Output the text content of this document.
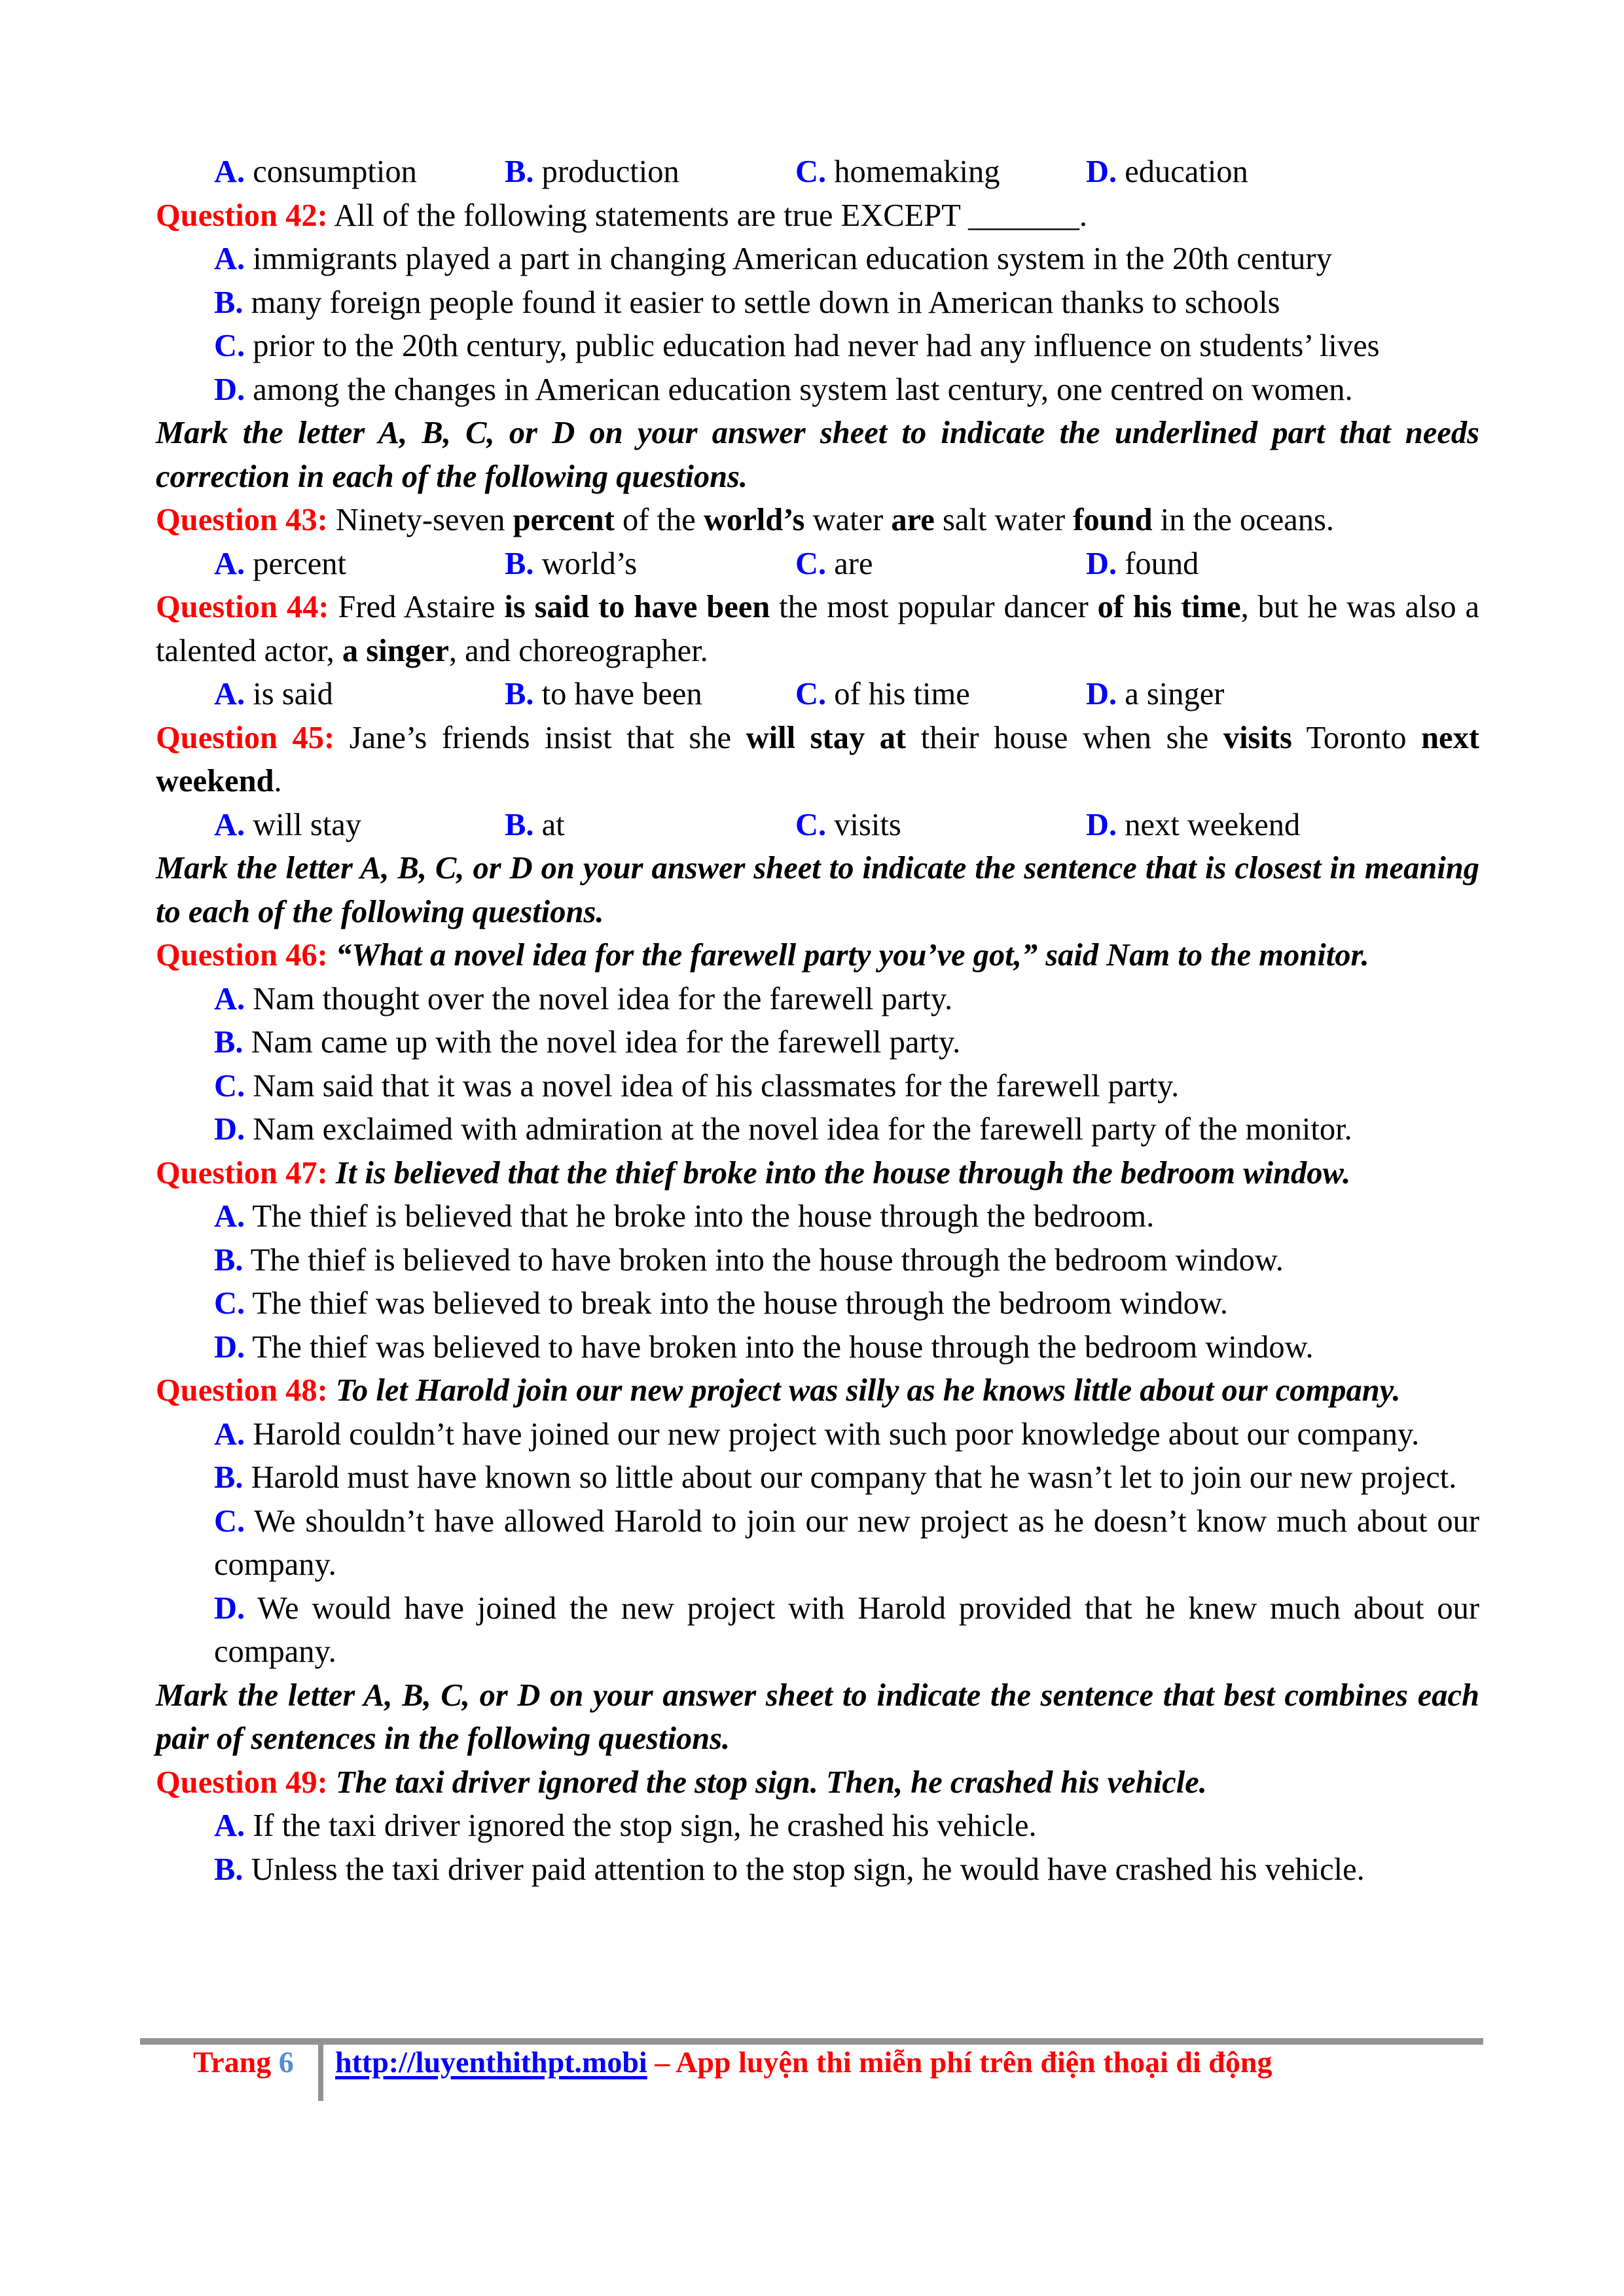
A. consumption	B. production	C. homemaking	D. education
Question 42: All of the following statements are true EXCEPT _______.
A. immigrants played a part in changing American education system in the 20th century
B. many foreign people found it easier to settle down in American thanks to schools
C. prior to the 20th century, public education had never had any influence on students’ lives
D. among the changes in American education system last century, one centred on women.
Mark the letter A, B, C, or D on your answer sheet to indicate the underlined part that needs correction in each of the following questions.
Question 43: Ninety-seven percent of the world’s water are salt water found in the oceans.
A. percent	B. world’s	C. are	D. found
Question 44: Fred Astaire is said to have been the most popular dancer of his time, but he was also a talented actor, a singer, and choreographer.
A. is said	B. to have been	C. of his time	D. a singer
Question 45: Jane’s friends insist that she will stay at their house when she visits Toronto next weekend.
A. will stay	B. at	C. visits	D. next weekend
Mark the letter A, B, C, or D on your answer sheet to indicate the sentence that is closest in meaning to each of the following questions.
Question 46: “What a novel idea for the farewell party you’ve got,” said Nam to the monitor.
A. Nam thought over the novel idea for the farewell party.
B. Nam came up with the novel idea for the farewell party.
C. Nam said that it was a novel idea of his classmates for the farewell party.
D. Nam exclaimed with admiration at the novel idea for the farewell party of the monitor.
Question 47: It is believed that the thief broke into the house through the bedroom window.
A. The thief is believed that he broke into the house through the bedroom.
B. The thief is believed to have broken into the house through the bedroom window.
C. The thief was believed to break into the house through the bedroom window.
D. The thief was believed to have broken into the house through the bedroom window.
Question 48: To let Harold join our new project was silly as he knows little about our company.
A. Harold couldn’t have joined our new project with such poor knowledge about our company.
B. Harold must have known so little about our company that he wasn’t let to join our new project.
C. We shouldn’t have allowed Harold to join our new project as he doesn’t know much about our company.
D. We would have joined the new project with Harold provided that he knew much about our company.
Mark the letter A, B, C, or D on your answer sheet to indicate the sentence that best combines each pair of sentences in the following questions.
Question 49: The taxi driver ignored the stop sign. Then, he crashed his vehicle.
A. If the taxi driver ignored the stop sign, he crashed his vehicle.
B. Unless the taxi driver paid attention to the stop sign, he would have crashed his vehicle.
Trang 6 http://luyenthithpt.mobi – App luyện thi miễn phí trên điện thoại di động
